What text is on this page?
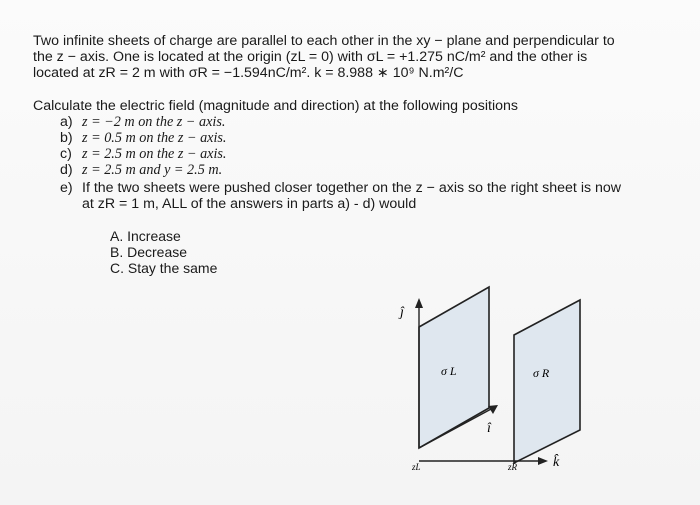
Two infinite sheets of charge are parallel to each other in the xy − plane and perpendicular to
the z − axis. One is located at the origin (zL = 0) with σL = +1.275 nC/m² and the other is
located at zR = 2 m with σR = −1.594nC/m². k = 8.988 ∗ 10⁹ N.m²/C
Calculate the electric field (magnitude and direction) at the following positions
a) z = −2 m on the z − axis.
b) z = 0.5 m on the z − axis.
c) z = 2.5 m on the z − axis.
d) z = 2.5 m and y = 2.5 m.
e) If the two sheets were pushed closer together on the z − axis so the right sheet is now
at zR = 1 m, ALL of the answers in parts a) - d) would
A. Increase
B. Decrease
C. Stay the same
ĵ
î
k̂
σ L	σ R
zL	zR
